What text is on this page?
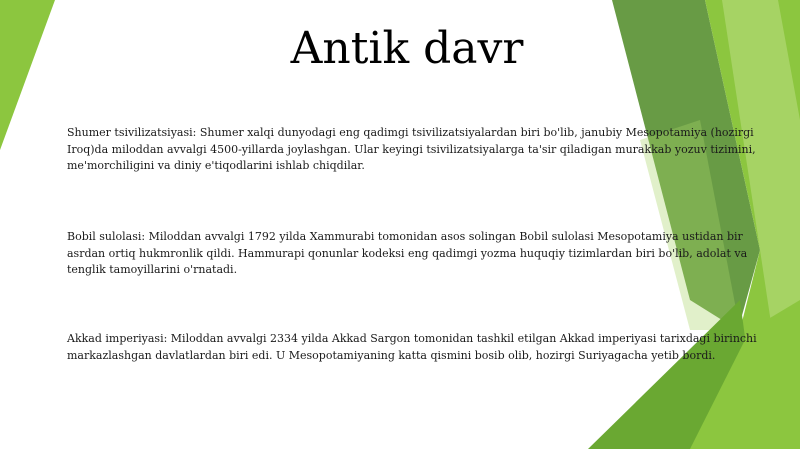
Antik davr

Shumer tsivilizatsiyasi: Shumer xalqi dunyodagi eng qadimgi tsivilizatsiyalardan biri bo'lib, janubiy Mesopotamiya (hozirgi Iroq)da miloddan avvalgi 4500-yillarda joylashgan. Ular keyingi tsivilizatsiyalarga ta'sir qiladigan murakkab yozuv tizimini, me'morchiligini va diniy e'tiqodlarini ishlab chiqdilar.

Bobil sulolasi: Miloddan avvalgi 1792 yilda Xammurabi tomonidan asos solingan Bobil sulolasi Mesopotamiya ustidan bir asrdan ortiq hukmronlik qildi. Hammurapi qonunlar kodeksi eng qadimgi yozma huquqiy tizimlardan biri bo'lib, adolat va tenglik tamoyillarini o'rnatadi.

Akkad imperiyasi: Miloddan avvalgi 2334 yilda Akkad Sargon tomonidan tashkil etilgan Akkad imperiyasi tarixdagi birinchi markazlashgan davlatlardan biri edi. U Mesopotamiyaning katta qismini bosib olib, hozirgi Suriyagacha yetib bordi.
